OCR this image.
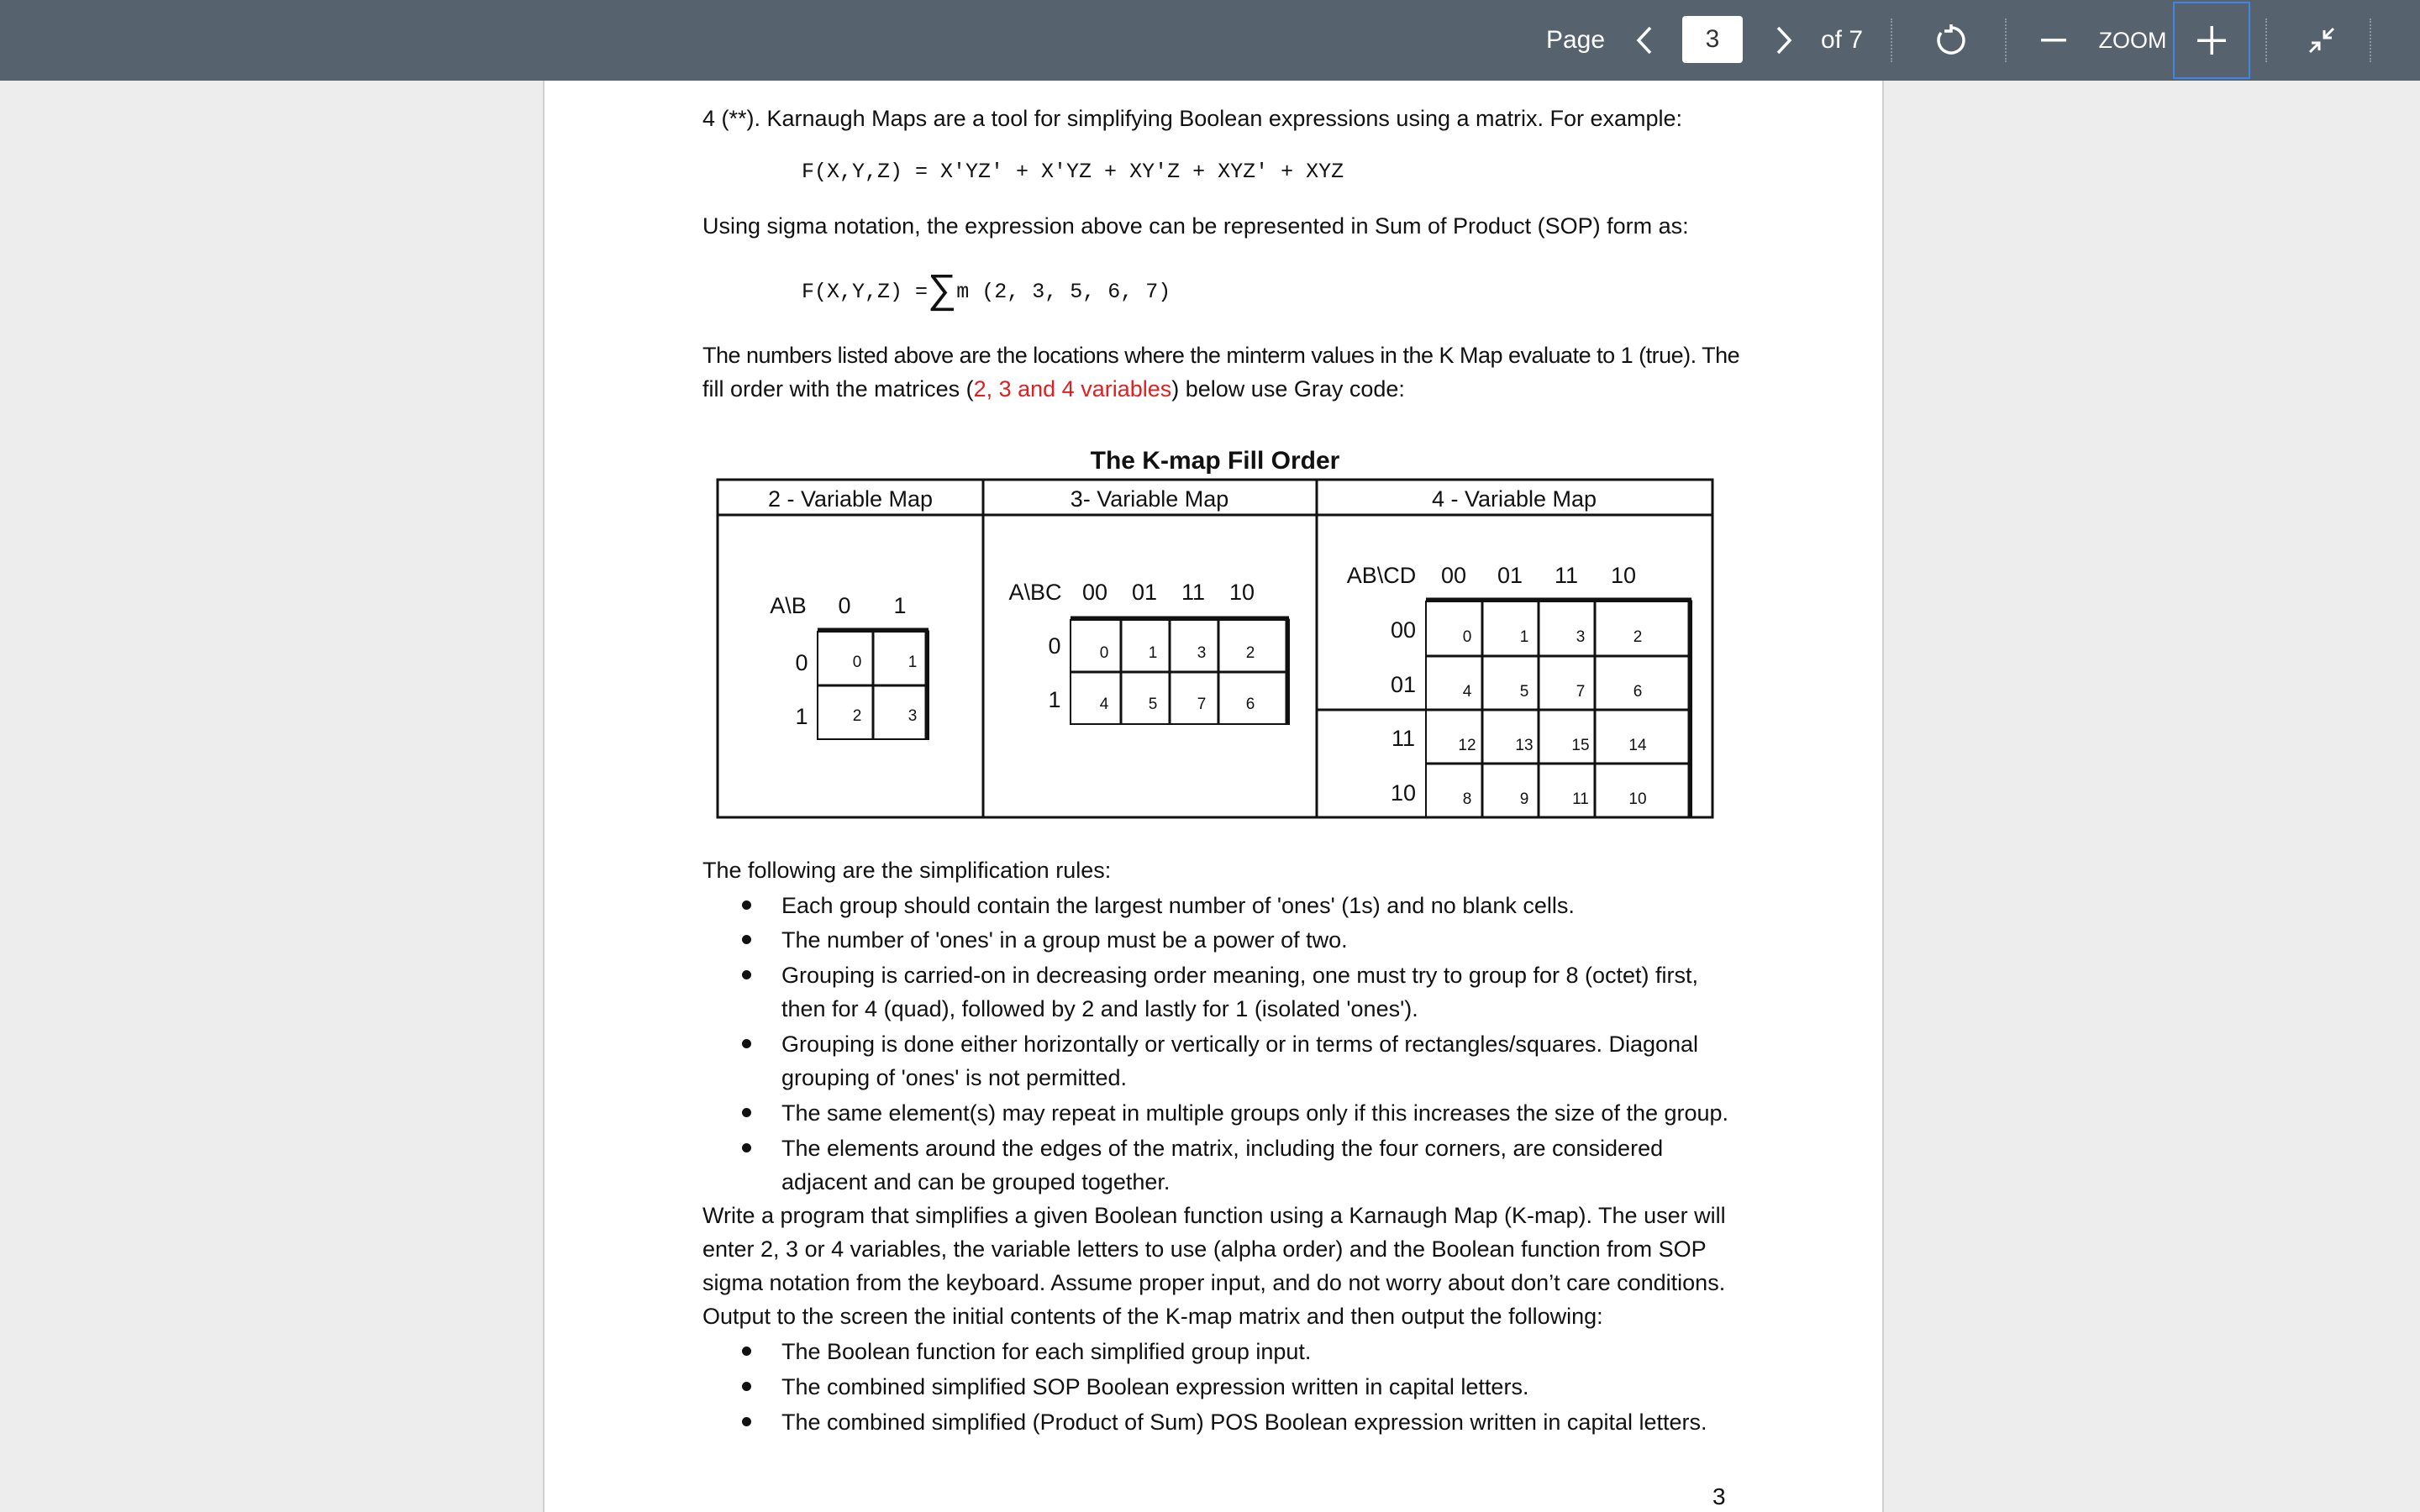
Page
3	of 7	ZOOM
4 (**). Karnaugh Maps are a tool for simplifying Boolean expressions using a matrix. For example:
F(X,Y,Z) = X'YZ' + X'YZ + XY'Z + XYZ' + XYZ
Using sigma notation, the expression above can be represented in Sum of Product (SOP) form as:
F(X,Y,Z) =∑m (2, 3, 5, 6, 7)
The numbers listed above are the locations where the minterm values in the K Map evaluate to 1 (true). The
fill order with the matrices (2, 3 and 4 variables) below use Gray code:
The K-map Fill Order
2 - Variable Map	3- Variable Map	4 - Variable Map
A\B 0 1
0
1
0	1
2	3
A\BC 00 01 11 10
0
1
0 1 3 2
4 5 7 6
AB\CD 00 01 11 10
00
01
11
10
0	1	3	2
4	5	7	6
12 13 15 14
8	9	11	10
The following are the simplification rules:
Each group should contain the largest number of 'ones' (1s) and no blank cells.
The number of 'ones' in a group must be a power of two.
Grouping is carried-on in decreasing order meaning, one must try to group for 8 (octet) first,
then for 4 (quad), followed by 2 and lastly for 1 (isolated 'ones').
Grouping is done either horizontally or vertically or in terms of rectangles/squares. Diagonal
grouping of 'ones' is not permitted.
The same element(s) may repeat in multiple groups only if this increases the size of the group.
The elements around the edges of the matrix, including the four corners, are considered
adjacent and can be grouped together.
Write a program that simplifies a given Boolean function using a Karnaugh Map (K-map). The user will
enter 2, 3 or 4 variables, the variable letters to use (alpha order) and the Boolean function from SOP
sigma notation from the keyboard. Assume proper input, and do not worry about don’t care conditions.
Output to the screen the initial contents of the K-map matrix and then output the following:
The Boolean function for each simplified group input.
The combined simplified SOP Boolean expression written in capital letters.
The combined simplified (Product of Sum) POS Boolean expression written in capital letters.
3
